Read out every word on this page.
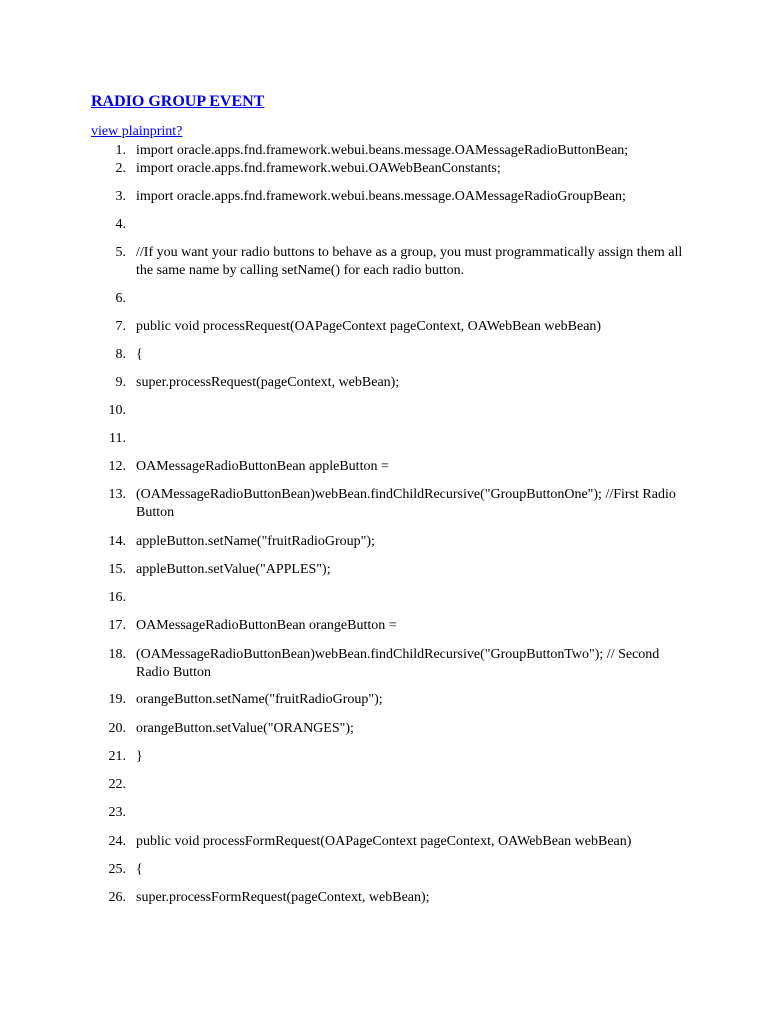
RADIO GROUP EVENT
view plainprint?
1. import oracle.apps.fnd.framework.webui.beans.message.OAMessageRadioButtonBean;
2. import oracle.apps.fnd.framework.webui.OAWebBeanConstants;
3. import oracle.apps.fnd.framework.webui.beans.message.OAMessageRadioGroupBean;
4.
5. //If you want your radio buttons to behave as a group, you must programmatically assign them all the same name by calling setName() for each radio button.
6.
7. public void processRequest(OAPageContext pageContext, OAWebBean webBean)
8. {
9. super.processRequest(pageContext, webBean);
10.
11.
12. OAMessageRadioButtonBean appleButton =
13. (OAMessageRadioButtonBean)webBean.findChildRecursive("GroupButtonOne"); //First Radio Button
14. appleButton.setName("fruitRadioGroup");
15. appleButton.setValue("APPLES");
16.
17. OAMessageRadioButtonBean orangeButton =
18. (OAMessageRadioButtonBean)webBean.findChildRecursive("GroupButtonTwo"); // Second Radio Button
19. orangeButton.setName("fruitRadioGroup");
20. orangeButton.setValue("ORANGES");
21. }
22.
23.
24. public void processFormRequest(OAPageContext pageContext, OAWebBean webBean)
25. {
26. super.processFormRequest(pageContext, webBean);
